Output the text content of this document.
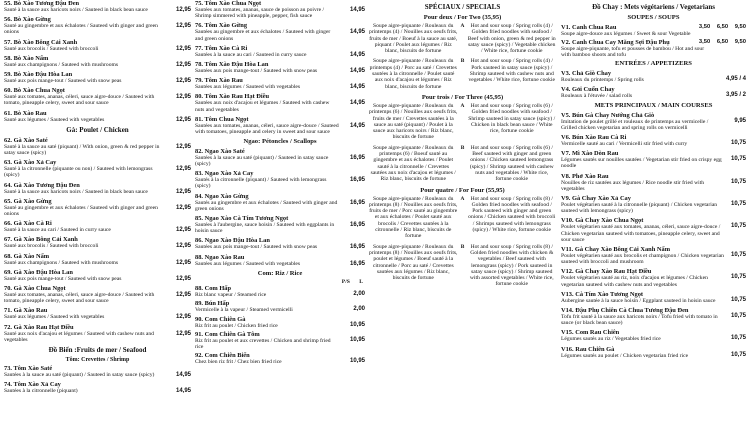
55. Bò Xào Tương Đậu Đen
Sauté à la sauce aux haricots noirs / Sauteed in black bean sauce	12,95
56. Bò Xào Gừng
Sauté au gingembre et aux échalotes / Sauteed with ginger and green onions
12,95
57. Bò Xào Bông Cải Xanh
Sauté aux brocolis / Sauteed with broccoli	12,95
58. Bò Xào Nấm
Sauté aux champignons / Sauteed with mushrooms	12,95
59. Bò Xào Đậu Hòa Lan
Sauté aux pois mange-tout / Sauteed with snow peas	12,95
60. Bò Xào Chua Ngọt
Sauté aux tomates, ananas, céleri, sauce aigre-douce / Sauteed with tomato, pineapple celery, sweet and sour sauce
12,95
61. Bò Xào Rau
Sauté aux légumes / Sauteed with vegetables	12,95
Gà: Poulet / Chicken
62. Gà Xào Saté
Sauté à la sauce au saté (piquant) / With onion, green & red pepper in satay sauce (spicy)
12,95
63. Gà Xào Xả Cay
Sauté à la citronnelle (piquante ou non) / Sauteed with lemongrass (spicy)
12,95
64. Gà Xào Tương Đậu Đen
Sauté à la sauce aux haricots noirs / Sauteed in black bean sauce	12,95
65. Gà Xào Gừng
Sauté au gingembre et aux échalotes / Sauteed with ginger and green onions
12,95
66. Gà Xào Cà Ri
Sauté à la sauce au cari / Sauteed in curry sauce	12,95
67. Gà Xào Bông Cải Xanh
Sauté aux brocolis / Sauteed with broccoli	12,95
68. Gà Xào Nấm
Sauté aux champignons / Sauteed with mushrooms	12,95
69. Gà Xào Đậu Hòa Lan
Sauté aux pois mange-tout / Sauteed with snow peas	12,95
70. Gà Xào Chua Ngọt
Sauté aux tomates, ananas, céleri, sauce aigre-douce / Sauteed with tomato, pineapple celery, sweet and sour sauce
12,95
71. Gà Xào Rau
Sauté aux légumes / Sauteed with vegetables	12,95
72. Gà Xào Rau Hạt Điều
Sauté aux noix d'acajou et légumes / Sauteed with cashew nuts and vegetables
12,95
Đồ Biển :Fruits de mer / Seafood
Tôm: Crevettes / Shrimp
73. Tôm Xào Saté
Sautées à la sauce au saté (piquant) / Sauteed in satay sauce (spicy)	14,95
74. Tôm Xào Xả Cay
Sautées à la citronnelle (piquant)	14,95
75. Tôm Xào Chua Ngọt
Sautées aux tomates, ananas, sauce de poisson au poivre / Shrimp simmered with pineapple, pepper, fish sauce
14,95
76. Tôm Xào Gừng
Sautées au gingembre et aux échalotes / Sauteed with ginger and green onions
14,95
77. Tôm Xào Cà Ri
Sautées à la sauce au cari / Sauteed in curry sauce	14,95
78. Tôm Xào Đậu Hòa Lan
Sautées aux pois mange-tout / Sauteed with snow peas	14,95
79. Tôm Xào Rau
Sautées aux légumes / Sauteed with vegetables	14,95
80. Tôm Xào Rau Hạt Điều
Sautées aux noix d'acajou et légumes / Sauteed with cashew nuts and vegetables
14,95
81. Tôm Chua Ngọt
Sautées aux tomates, ananas, céleri, sauce aigre-douce / Sauteed with tomatoes, pineapple and celery in sweet and sour sauce
14,95
Ngao: Pétoncles / Scallops
82. Ngao Xào Saté
Sautées à la sauce au saté (piquant) / Sauteed in satay sauce (spicy)
16,95
83. Ngao Xào Xả Cay
Sautés à la citronnelle (piquant) / Sauteed with lemongrass (spicy)
16,95
84. Ngao Xào Gừng
Sautés au gingembre et aux échalotes / Sauteed with ginger and green onions
16,95
85. Ngao Xào Cà Tím Tương Ngọt
Sautées à l'aubergine, sauce hoisin / Sauteed with eggplants in hoisin sauce
16,95
86. Ngao Xào Đậu Hòa Lan
Sautées aux pois mange-tout / Sauteed with snow peas	16,95
88. Ngao Xào Rau
Sautées aux légumes / Sauteed with vegetables	16,95
Com: Riz / Rice
P/S L
88. Com Hấp
Riz blanc vapeur / Steamed rice	2,00
89. Bún Hấp
Vermicelle à la vapeur / Steamed vermicelli	2,00
90. Com Chiên Gà
Riz frit au poulet / Chicken fried rice	10,95
91. Com Chiên Gà Tôm
Riz frit au poulet et aux crevettes / Chicken and shrimp fried rice
10,95
92. Com Chiên Biển
Chez bien riz frit / Chez bien fried rice	10,95
SPÉCIAUX / SPECIALS
Pour deux / For Two (35,95)
Soupe aigre-piquante / Rouleaux du printemps (4) / Nouilles aux oeufs frits, fruits de mer / Boeuf à la sauce au saté, piquant / Poulet aux légumes / Riz blanc, biscuits de fortune
A	Hot and sour soup / Spring rolls (4) / Golden fried noodles with seafood / Beef with onion, green & red pepper in satay sauce (spicy) / Vegetable chicken / White rice, fortune cookie
Soupe aigre-piquante / Rouleaux du printemps (4) / Porc au saté / Crevettes sautées à la citronnelle / Poulet sauté aux noix d'acajou et légumes / Riz blanc, biscuits de fortune
B	Hot and sour soup / Spring rolls (4) / Pork sauteed in satay sauce (spicy) / Shrimp sauteed with cashew nuts and vegetables / White rice, fortune cookie
Pour trois / For Three (45,95)
Soupe aigre-piquante / Rouleaux du printemps (6) / Nouilles aux oeufs frits, fruits de mer / Crevettes sautées à la sauce au saté (piquant) / Poulet à la sauce aux haricots noirs / Riz blanc, biscuits de fortune
A	Hot and sour soup / Spring rolls (6) / Golden fried noodles with seafood / Shrimp sauteed in satay sauce (spicy) / Chicken in black bean sauce / White rice, fortune cookie
Soupe aigre-piquante / Rouleaux du printemps (6) / Boeuf sauté au gingembre et aux échalotes / Poulet sauté à la citronnelle / Crevettes sautées aux noix d'acajou et légumes / Riz blanc, biscuits de fortune
B	Hot and sour soup / Spring rolls (6) / Beef sauteed with ginger and green onions / Chicken sauteed lemongrass (spicy) / Shrimp sauteed with cashew nuts and vegetables / White rice, fortune cookie
Pour quatre / For Four (55,95)
Soupe aigre-piquante / Rouleaux du printemps (8) / Nouilles aux oeufs frits, fruits de mer / Porc sauté au gingembre et aux échalotes / Poulet sauté aux brocolis / Crevettes sautées à la citronnelle / Riz blanc, biscuits de fortune
A	Hot and sour soup / Spring rolls (8) / Golden fried noodles with seafood / Pork sauteed with ginger and green onions / Chicken sauteed with broccoli / Shrimps sauteed with lemongrass (spicy) / White rice, fortune cookie
Soupe aigre-piquante / Rouleaux du printemps (8) / Nouilles aux oeufs frits, poulet et légumes / Boeuf sauté à la citronnelle / Porc au saté / Crevettes sautées aux légumes / Riz blanc, biscuits de fortune
B	Hot and sour soup / Spring rolls (8) / Golden fried noodles with chicken & vegetables / Beef sauteed with lemongrass (spicy) / Pork sauteed in satay sauce (spicy) / Shrimp sauteed with assorted vegetables / White rice, fortune cookie
Đồ Chay : Mets végétariens / Vegetarians
SOUPES / SOUPS
V1. Canh Chua Rau
Soupe aigre-douce aux légumes / Sweet & sour Vegetable
3,50 6,50 9,50
V2. Canh Chua Cay Măng Sợi Đậu Phụ
Soupe aigre-piquante, tofu et pousses de bambou / Hot and sour with bamboo shoots and tofu
3,50 6,50 9,50
ENTRÉES / APPETIZERS
V3. Chả Giò Chay
Rouleaux du printemps / Spring rolls	4,95 / 4
V4. Gỏi Cuốn Chay
Rouleaux à l'étuvée / salad rolls	3,95 / 2
METS PRINCIPAUX / MAIN COURSES
V5. Bún Gà Chay Nướng Chả Giò
Imitation de poulet grillé et rouleaux de printemps au vermicelle / Grilled chicken vegetarian and spring rolls on vermicelli
9,95
V6. Bún Xào Rau Cà Ri
Vermicelle sauté au cari / Vermicelli stir fried with curry	10,75
V7. Mì Xào Dòn Rau
Légumes sautés sur nouilles sautées / Vegetarian stir fried on crispy egg noodle
10,75
V8. Phở Xào Rau
Nouilles de riz sautées aux légumes / Rice noodle stir fried with vegetables
10,75
V9. Gà Chay Xào Xả Cay
Poulet végétarien sauté à la citronnelle (piquant) / Chicken vegetarian sauteed with lemongrass (spicy)
10,75
V10. Gà Chay Xào Chua Ngọt
Poulet végétarien sauté aux tomates, ananas, céleri, sauce aigre-douce / Chicken vegetarian sauteed with tomatoes, pineapple celery, sweet and sour sauce
10,75
V11. Gà Chay Xào Bông Cải Xanh Nấm
Poulet végétarien sauté aux brocolis et champignon / Chicken vegetarian sauteed with broccoli and mushroom
10,75
V12. Gà Chay Xào Rau Hạt Điều
Poulet végétarien sauté au riz, noix d'acajou et légumes / Chicken vegetarian sauteed with cashew nuts and vegetables
10,75
V13. Cà Tím Xào Tương Ngọt
Aubergine sautée à la sauce hoisin / Eggplant sauteed in hoisin sauce	10,75
V14. Đậu Phụ Chiên Cà Chua Tương Đậu Đen
Tofu frit sauté à la sauce aux haricots noirs / Tofu fried with tomato in sauce (or black bean sauce)
10,75
V15. Com Rau Chiên
Légumes sautés au riz / Vegetables fried rice	10,75
V16. Rau Chiên Gà
Légumes sautés au poulet / Chicken vegetarian fried rice	10,75
